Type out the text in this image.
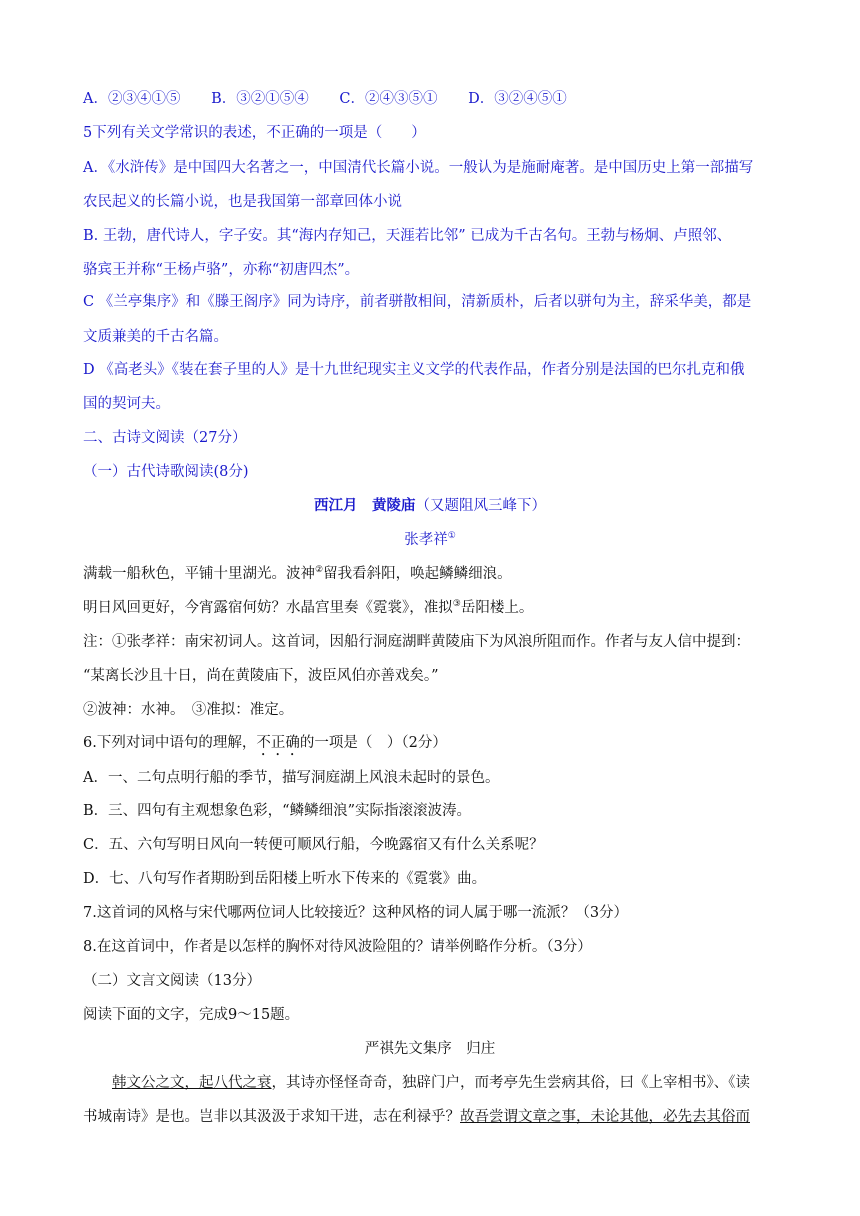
A．②③④①⑤ B．③②①⑤④ C．②④③⑤① D．③②④⑤①
5下列有关文学常识的表述，不正确的一项是（　　）
A．《水浒传》是中国四大名著之一，中国清代长篇小说。一般认为是施耐庵著。是中国历史上第一部描写
农民起义的长篇小说，也是我国第一部章回体小说
B. 王勃，唐代诗人，字子安。其“海内存知己，天涯若比邻” 已成为千古名句。王勃与杨炯、卢照邻、
骆宾王并称“王杨卢骆”，亦称“初唐四杰”。
C 《兰亭集序》和《滕王阁序》同为诗序，前者骈散相间，清新质朴，后者以骈句为主，辞采华美，都是
文质兼美的千古名篇。
D 《高老头》《装在套子里的人》是十九世纪现实主义文学的代表作品，作者分别是法国的巴尔扎克和俄
国的契诃夫。
二、古诗文阅读（27分）
（一）古代诗歌阅读(8分)
西江月　黄陵庙（又题阻风三峰下）
张孝祥①
满载一船秋色，平铺十里湖光。波神②留我看斜阳，唤起鳞鳞细浪。
明日风回更好，今宵露宿何妨？水晶宫里奏《霓裳》，准拟③岳阳楼上。
注：①张孝祥：南宋初词人。这首词，因船行洞庭湖畔黄陵庙下为风浪所阻而作。作者与友人信中提到：
“某离长沙且十日，尚在黄陵庙下，波臣风伯亦善戏矣。”
②波神：水神。　③准拟：准定。
6.下列对词中语句的理解，不正确的一项是（　）（2分）
A．一、二句点明行船的季节，描写洞庭湖上风浪未起时的景色。
B．三、四句有主观想象色彩，“鳞鳞细浪”实际指滚滚波涛。
C．五、六句写明日风向一转便可顺风行船，今晚露宿又有什么关系呢？
D．七、八句写作者期盼到岳阳楼上听水下传来的《霓裳》曲。
7.这首词的风格与宋代哪两位词人比较接近？这种风格的词人属于哪一流派？（3分）
8.在这首词中，作者是以怎样的胸怀对待风波险阻的？请举例略作分析。（3分）
（二）文言文阅读（13分）
阅读下面的文字，完成9～15题。
严祺先文集序　归庄
韩文公之文，起八代之衰，其诗亦怪怪奇奇，独辟门户，而考亭先生尝病其俗，曰《上宰相书》、《读
书城南诗》是也。岂非以其汲汲于求知干进，志在利禄乎？故吾尝谓文章之事，未论其他，必先去其俗而
